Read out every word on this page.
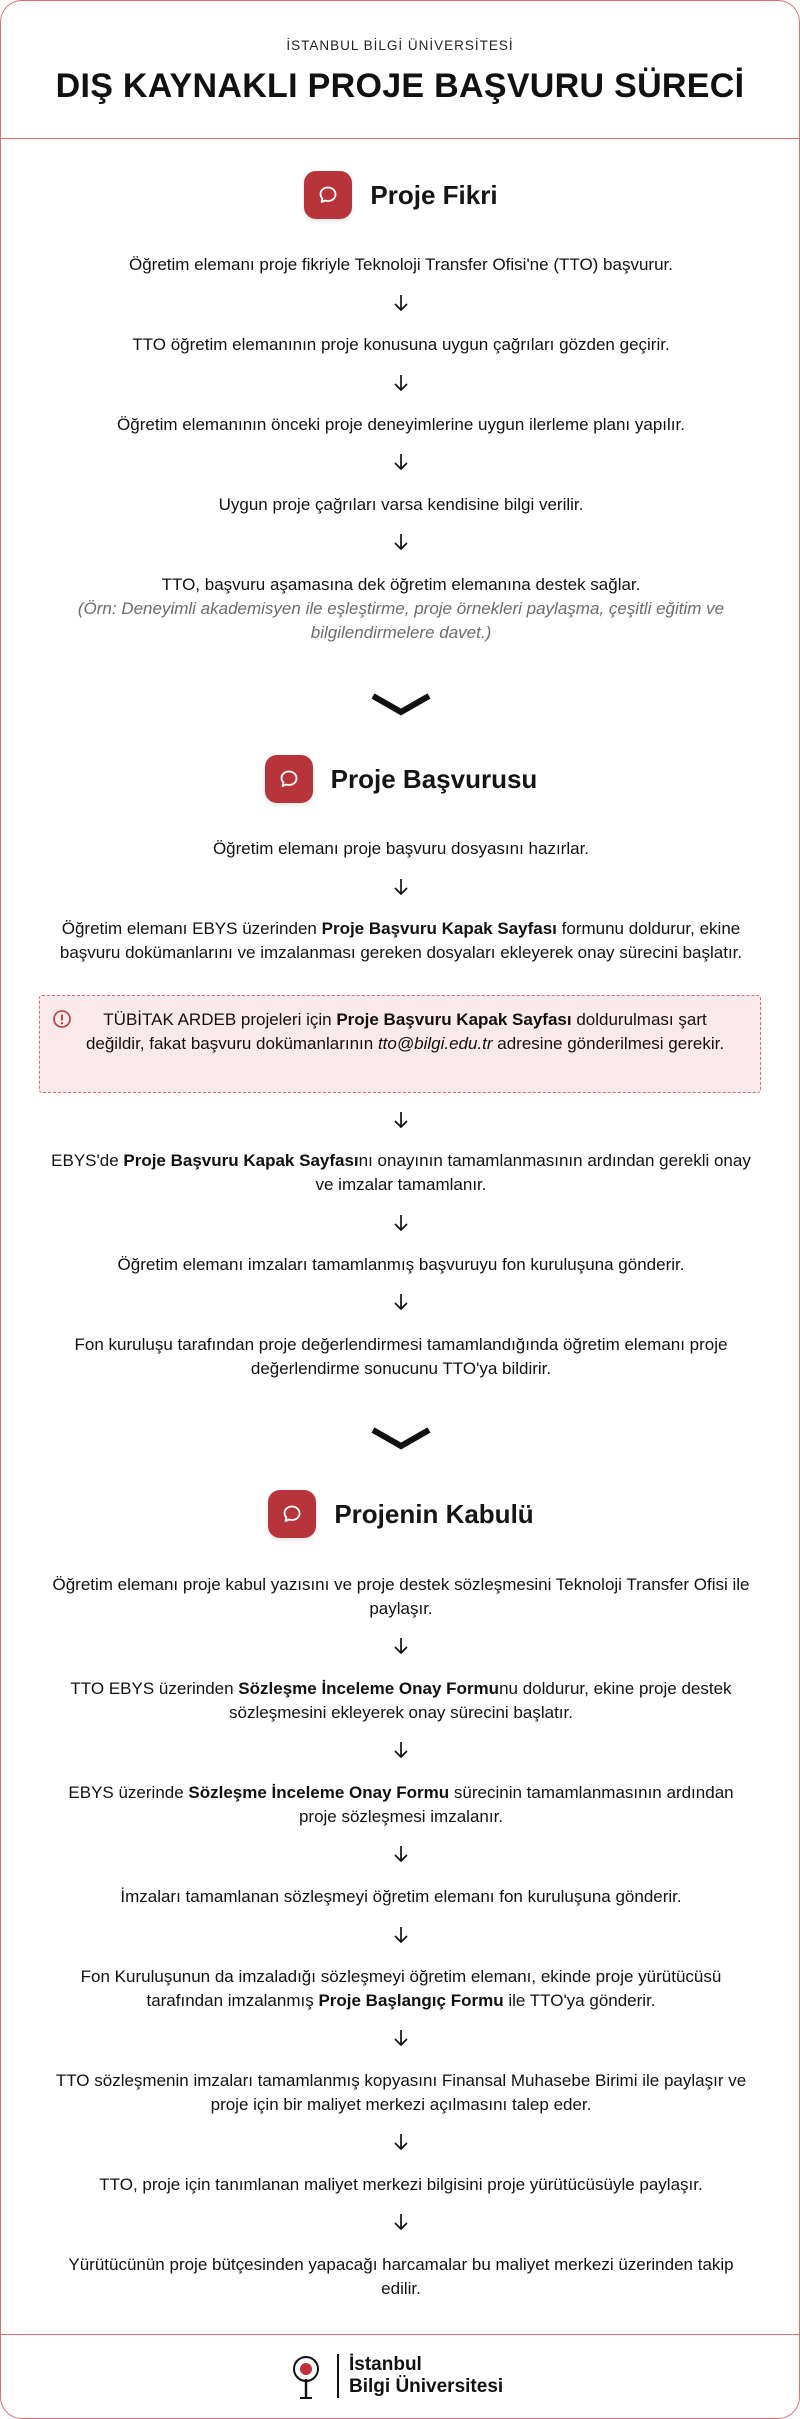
İSTANBUL BİLGİ ÜNİVERSİTESİ
DIŞ KAYNAKLI PROJE BAŞVURU SÜRECİ
Proje Fikri
Öğretim elemanı proje fikriyle Teknoloji Transfer Ofisi'ne (TTO) başvurur.
TTO öğretim elemanının proje konusuna uygun çağrıları gözden geçirir.
Öğretim elemanının önceki proje deneyimlerine uygun ilerleme planı yapılır.
Uygun proje çağrıları varsa kendisine bilgi verilir.
TTO, başvuru aşamasına dek öğretim elemanına destek sağlar.
(Örn: Deneyimli akademisyen ile eşleştirme, proje örnekleri paylaşma, çeşitli eğitim ve bilgilendirmelere davet.)
Proje Başvurusu
Öğretim elemanı proje başvuru dosyasını hazırlar.
Öğretim elemanı EBYS üzerinden Proje Başvuru Kapak Sayfası formunu doldurur, ekine başvuru dokümanlarını ve imzalanması gereken dosyaları ekleyerek onay sürecini başlatır.
TÜBİTAK ARDEB projeleri için Proje Başvuru Kapak Sayfası doldurulması şart değildir, fakat başvuru dokümanlarının tto@bilgi.edu.tr adresine gönderilmesi gerekir.
EBYS'de Proje Başvuru Kapak Sayfasını onayının tamamlanmasının ardından gerekli onay ve imzalar tamamlanır.
Öğretim elemanı imzaları tamamlanmış başvuruyu fon kuruluşuna gönderir.
Fon kuruluşu tarafından proje değerlendirmesi tamamlandığında öğretim elemanı proje değerlendirme sonucunu TTO'ya bildirir.
Projenin Kabulü
Öğretim elemanı proje kabul yazısını ve proje destek sözleşmesini Teknoloji Transfer Ofisi ile paylaşır.
TTO EBYS üzerinden Sözleşme İnceleme Onay Formunu doldurur, ekine proje destek sözleşmesini ekleyerek onay sürecini başlatır.
EBYS üzerinde Sözleşme İnceleme Onay Formu sürecinin tamamlanmasının ardından proje sözleşmesi imzalanır.
İmzaları tamamlanan sözleşmeyi öğretim elemanı fon kuruluşuna gönderir.
Fon Kuruluşunun da imzaladığı sözleşmeyi öğretim elemanı, ekinde proje yürütücüsü tarafından imzalanmış Proje Başlangıç Formu ile TTO'ya gönderir.
TTO sözleşmenin imzaları tamamlanmış kopyasını Finansal Muhasebe Birimi ile paylaşır ve proje için bir maliyet merkezi açılmasını talep eder.
TTO, proje için tanımlanan maliyet merkezi bilgisini proje yürütücüsüyle paylaşır.
Yürütücünün proje bütçesinden yapacağı harcamalar bu maliyet merkezi üzerinden takip edilir.
İstanbul
Bilgi Üniversitesi
